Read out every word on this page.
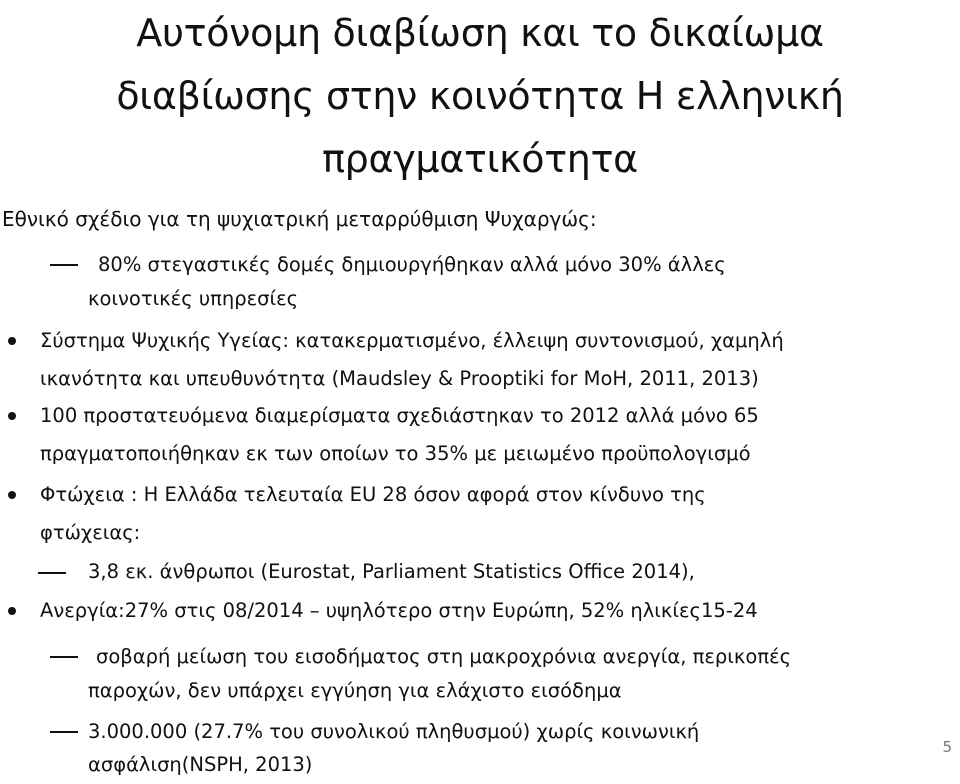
Αυτόνομη διαβίωση και το δικαίωμα
διαβίωσης στην κοινότητα Η ελληνική
πραγματικότητα

Εθνικό σχέδιο για τη ψυχιατρική μεταρρύθμιση Ψυχαργώς:

80% στεγαστικές δομές δημιουργήθηκαν αλλά μόνο 30% άλλες

κοινοτικές υπηρεσίες

Σύστημα Ψυχικής Υγείας: κατακερματισμένο, έλλειψη συντονισμού, χαμηλή
ικανότητα και υπευθυνότητα (Maudsley & Prooptiki for MoH, 2011, 2013)

100 προστατευόμενα διαμερίσματα σχεδιάστηκαν το 2012 αλλά μόνο 65
πραγματοποιήθηκαν εκ των οποίων το 35% με μειωμένο προϋπολογισμό

Φτώχεια : Η Ελλάδα τελευταία EU 28 όσον αφορά στον κίνδυνο της
φτώχειας:

3,8 εκ. άνθρωποι (Eurostat, Parliament Statistics Office 2014),

Ανεργία:27% στις 08/2014 – υψηλότερο στην Ευρώπη, 52% ηλικίες15-24

σοβαρή μείωση του εισοδήματος στη μακροχρόνια ανεργία, περικοπές

παροχών, δεν υπάρχει εγγύηση για ελάχιστο εισόδημα

3.000.000 (27.7% του συνολικού πληθυσμού) χωρίς κοινωνική

ασφάλιση(NSPH, 2013)

5
